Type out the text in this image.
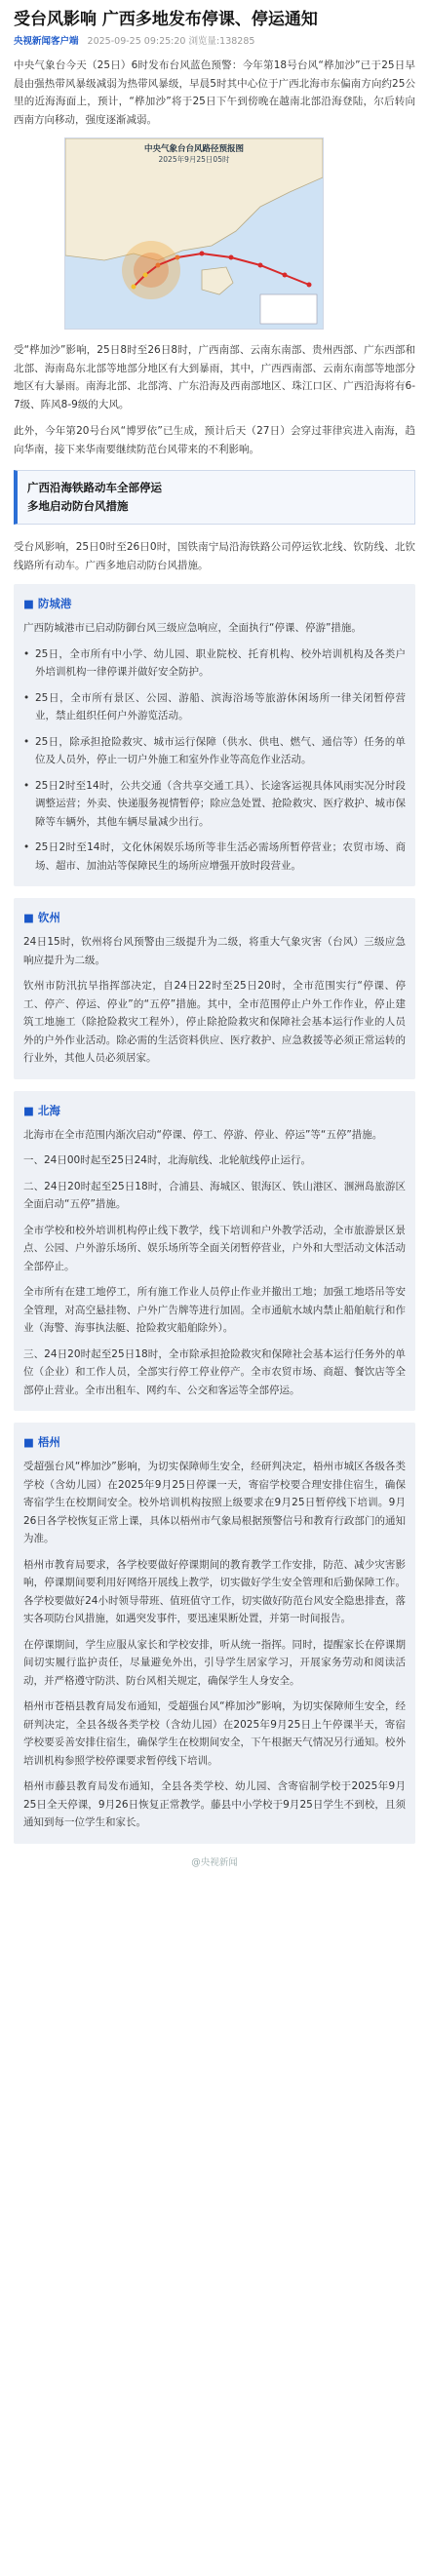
受台风影响 广西多地发布停课、停运通知
央视新闻客户端 2025-09-25 09:25:20 浏览量:138285

中央气象台今天（25日）6时发布台风蓝色预警：今年第18号台风“桦加沙”已于25日早晨由强热带风暴级减弱为热带风暴级，早晨5时其中心位于广西北海市东偏南方向约25公里的近海海面上，预计，“桦加沙”将于25日下午到傍晚在越南北部沿海登陆，尔后转向西南方向移动，强度逐渐减弱。

中央气象台台风路径预报图
2025年9月25日05时

受“桦加沙”影响，25日8时至26日8时，广西南部、云南东南部、贵州西部、广东西部和北部、海南岛东北部等地部分地区有大到暴雨，其中，广西西南部、云南东南部等地部分地区有大暴雨。南海北部、北部湾、广东沿海及西南部地区、珠江口区、广西沿海将有6-7级、阵风8-9级的大风。

此外，今年第20号台风“博罗依”已生成，预计后天（27日）会穿过菲律宾进入南海，趋向华南，接下来华南要继续防范台风带来的不利影响。

广西沿海铁路动车全部停运
多地启动防台风措施

受台风影响，25日0时至26日0时，国铁南宁局沿海铁路公司停运钦北线、钦防线、北钦线路所有动车。广西多地启动防台风措施。

■ 防城港

广西防城港市已启动防御台风三级应急响应，全面执行“停课、停游”措施。

• 25日，全市所有中小学、幼儿园、职业院校、托育机构、校外培训机构及各类户外培训机构一律停课并做好安全防护。
• 25日，全市所有景区、公园、游船、滨海浴场等旅游休闲场所一律关闭暂停营业，禁止组织任何户外游览活动。
• 25日，除承担抢险救灾、城市运行保障（供水、供电、燃气、通信等）任务的单位及人员外，停止一切户外施工和室外作业等高危作业活动。
• 25日2时至14时，公共交通（含共享交通工具）、长途客运视具体风雨实况分时段调整运营；外卖、快递服务视情暂停；除应急处置、抢险救灾、医疗救护、城市保障等车辆外，其他车辆尽量减少出行。
• 25日2时至14时，文化休闲娱乐场所等非生活必需场所暂停营业；农贸市场、商场、超市、加油站等保障民生的场所应增强开放时段营业。
■ 钦州

24日15时，钦州将台风预警由三级提升为二级，将重大气象灾害（台风）三级应急响应提升为二级。

钦州市防汛抗旱指挥部决定，自24日22时至25日20时，全市范围实行“停课、停工、停产、停运、停业”的“五停”措施。其中，全市范围停止户外工作作业，停止建筑工地施工（除抢险救灾工程外），停止除抢险救灾和保障社会基本运行作业的人员外的户外作业活动。除必需的生活资料供应、医疗救护、应急救援等必须正常运转的行业外，其他人员必须居家。

■ 北海

北海市在全市范围内渐次启动“停课、停工、停游、停业、停运”等“五停”措施。

一、24日00时起至25日24时，北海航线、北轮航线停止运行。

二、24日20时起至25日18时，合浦县、海城区、银海区、铁山港区、涠洲岛旅游区全面启动“五停”措施。

全市学校和校外培训机构停止线下教学，线下培训和户外教学活动，全市旅游景区景点、公园、户外游乐场所、娱乐场所等全面关闭暂停营业，户外和大型活动文体活动全部停止。

全市所有在建工地停工，所有施工作业人员停止作业并撤出工地；加强工地塔吊等安全管理，对高空悬挂物、户外广告牌等进行加固。全市通航水域内禁止船舶航行和作业（海警、海事执法艇、抢险救灾船舶除外）。

三、24日20时起至25日18时，全市除承担抢险救灾和保障社会基本运行任务外的单位（企业）和工作人员，全部实行停工停业停产。全市农贸市场、商超、餐饮店等全部停止营业。全市出租车、网约车、公交和客运等全部停运。

■ 梧州

受超强台风“桦加沙”影响，为切实保障师生安全，经研判决定，梧州市城区各级各类学校（含幼儿园）在2025年9月25日停课一天，寄宿学校要合理安排住宿生，确保寄宿学生在校期间安全。校外培训机构按照上级要求在9月25日暂停线下培训。9月26日各学校恢复正常上课，具体以梧州市气象局根据预警信号和教育行政部门的通知为准。

梧州市教育局要求，各学校要做好停课期间的教育教学工作安排，防范、减少灾害影响，停课期间要利用好网络开展线上教学，切实做好学生安全管理和后勤保障工作。各学校要做好24小时领导带班、值班值守工作，切实做好防范台风安全隐患排查，落实各项防台风措施，如遇突发事件，要迅速果断处置，并第一时间报告。

在停课期间，学生应服从家长和学校安排，听从统一指挥。同时，提醒家长在停课期间切实履行监护责任，尽量避免外出，引导学生居家学习，开展家务劳动和阅读活动，并严格遵守防洪、防台风相关规定，确保学生人身安全。

梧州市苍梧县教育局发布通知，受超强台风“桦加沙”影响，为切实保障师生安全，经研判决定，全县各级各类学校（含幼儿园）在2025年9月25日上午停课半天，寄宿学校要妥善安排住宿生，确保学生在校期间安全，下午根据天气情况另行通知。校外培训机构参照学校停课要求暂停线下培训。

梧州市藤县教育局发布通知，全县各类学校、幼儿园、含寄宿制学校于2025年9月25日全天停课，9月26日恢复正常教学。藤县中小学校于9月25日学生不到校，且须通知到每一位学生和家长。

@央视新闻
